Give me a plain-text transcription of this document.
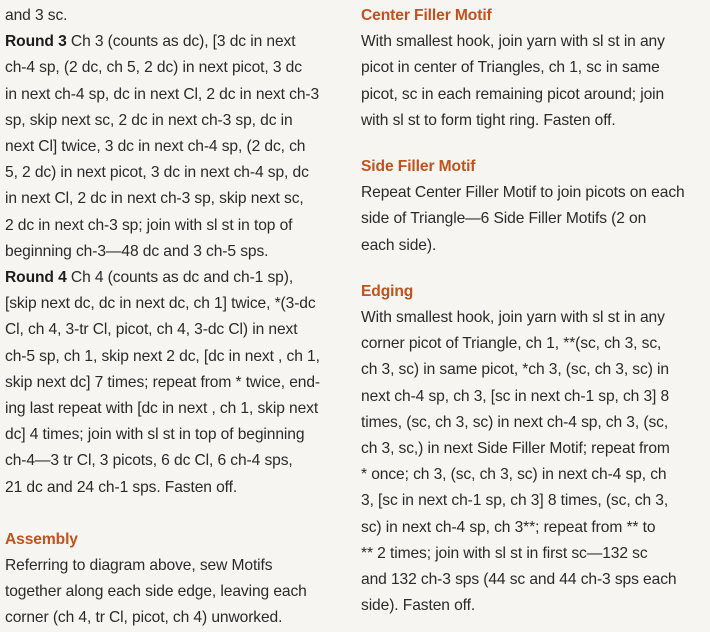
and 3 sc.

Round 3 Ch 3 (counts as dc), [3 dc in next

ch-4 sp, (2 dc, ch 5, 2 dc) in next picot, 3 dc

in next ch-4 sp, dc in next Cl, 2 dc in next ch-3

sp, skip next sc, 2 dc in next ch-3 sp, dc in

next Cl] twice, 3 dc in next ch-4 sp, (2 dc, ch

5, 2 dc) in next picot, 3 dc in next ch-4 sp, dc

in next Cl, 2 dc in next ch-3 sp, skip next sc,

2 dc in next ch-3 sp; join with sl st in top of

beginning ch-3—48 dc and 3 ch-5 sps.

Round 4 Ch 4 (counts as dc and ch-1 sp),

[skip next dc, dc in next dc, ch 1] twice, *(3-dc

Cl, ch 4, 3-tr Cl, picot, ch 4, 3-dc Cl) in next

ch-5 sp, ch 1, skip next 2 dc, [dc in next , ch 1,

skip next dc] 7 times; repeat from * twice, end-

ing last repeat with [dc in next , ch 1, skip next

dc] 4 times; join with sl st in top of beginning

ch-4—3 tr Cl, 3 picots, 6 dc Cl, 6 ch-4 sps,

21 dc and 24 ch-1 sps. Fasten off.

Assembly

Referring to diagram above, sew Motifs

together along each side edge, leaving each

corner (ch 4, tr Cl, picot, ch 4) unworked.

Center Filler Motif

With smallest hook, join yarn with sl st in any

picot in center of Triangles, ch 1, sc in same

picot, sc in each remaining picot around; join

with sl st to form tight ring. Fasten off.

Side Filler Motif

Repeat Center Filler Motif to join picots on each

side of Triangle—6 Side Filler Motifs (2 on

each side).

Edging

With smallest hook, join yarn with sl st in any

corner picot of Triangle, ch 1, **(sc, ch 3, sc,

ch 3, sc) in same picot, *ch 3, (sc, ch 3, sc) in

next ch-4 sp, ch 3, [sc in next ch-1 sp, ch 3] 8

times, (sc, ch 3, sc) in next ch-4 sp, ch 3, (sc,

ch 3, sc,) in next Side Filler Motif; repeat from

* once; ch 3, (sc, ch 3, sc) in next ch-4 sp, ch

3, [sc in next ch-1 sp, ch 3] 8 times, (sc, ch 3,

sc) in next ch-4 sp, ch 3**; repeat from ** to

** 2 times; join with sl st in first sc—132 sc

and 132 ch-3 sps (44 sc and 44 ch-3 sps each

side). Fasten off.
